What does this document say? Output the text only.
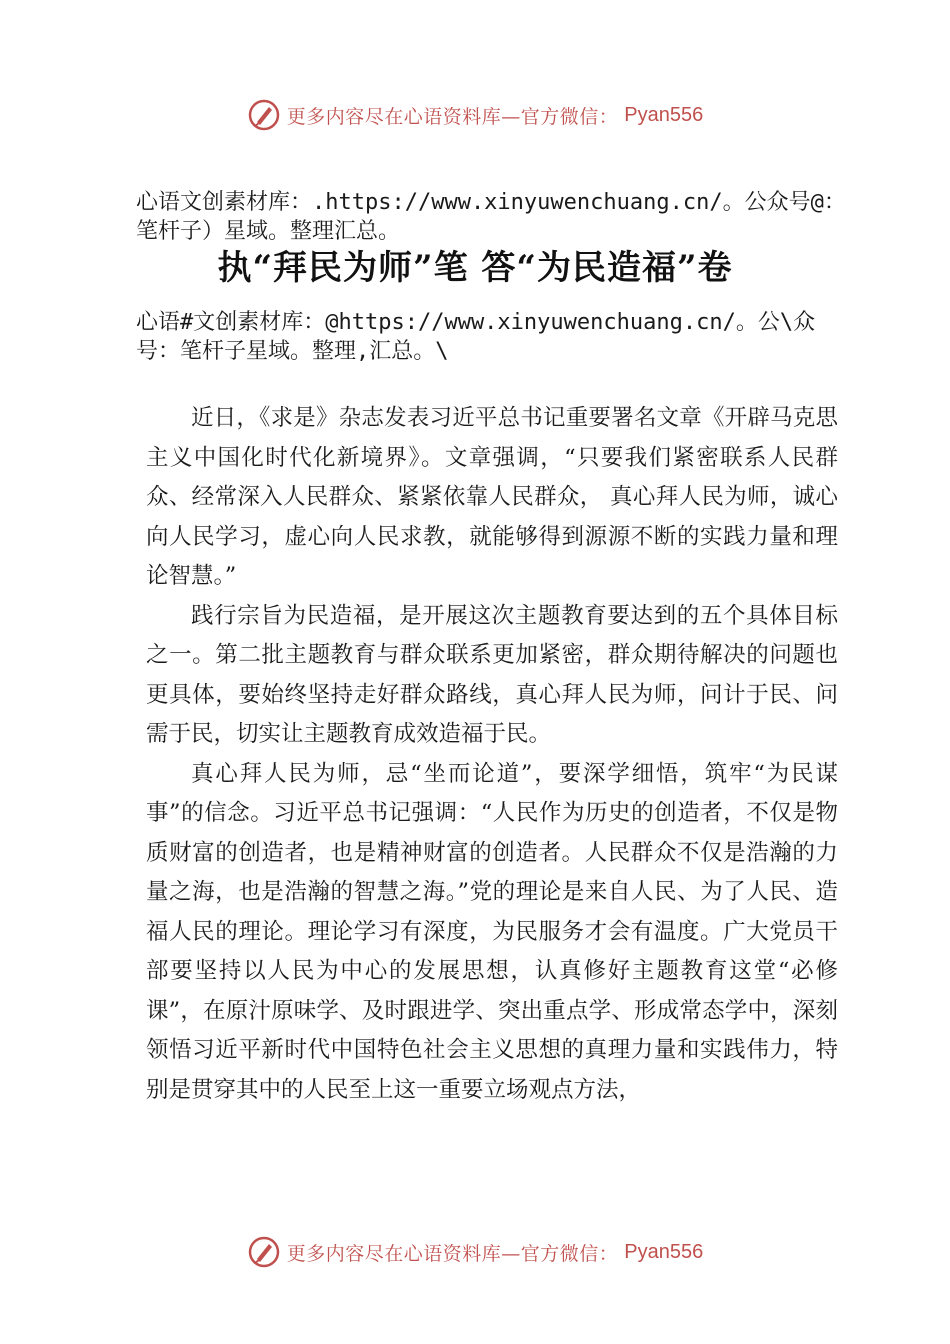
更多内容尽在心语资料库—官方微信： Pyan556
心语文创素材库：.https://www.xinyuwenchuang.cn/。公众号@：笔杆子）星域。整理汇总。
执“拜民为师”笔 答“为民造福”卷
心语#文创素材库：@https://www.xinyuwenchuang.cn/。公\众号：笔杆子星域。整理,汇总。\

近日，《求是》杂志发表习近平总书记重要署名文章《开辟马克思主义中国化时代化新境界》。文章强调，“只要我们紧密联系人民群众、经常深入人民群众、紧紧依靠人民群众， 真心拜人民为师，诚心向人民学习，虚心向人民求教，就能够得到源源不断的实践力量和理论智慧。”

践行宗旨为民造福，是开展这次主题教育要达到的五个具体目标之一。第二批主题教育与群众联系更加紧密，群众期待解决的问题也更具体，要始终坚持走好群众路线，真心拜人民为师，问计于民、问需于民，切实让主题教育成效造福于民。

真心拜人民为师，忌“坐而论道”，要深学细悟，筑牢“为民谋事”的信念。习近平总书记强调：“人民作为历史的创造者，不仅是物质财富的创造者，也是精神财富的创造者。人民群众不仅是浩瀚的力量之海，也是浩瀚的智慧之海。”党的理论是来自人民、为了人民、造福人民的理论。理论学习有深度，为民服务才会有温度。广大党员干部要坚持以人民为中心的发展思想，认真修好主题教育这堂“必修课”，在原汁原味学、及时跟进学、突出重点学、形成常态学中，深刻领悟习近平新时代中国特色社会主义思想的真理力量和实践伟力，特别是贯穿其中的人民至上这一重要立场观点方法，

更多内容尽在心语资料库—官方微信： Pyan556
